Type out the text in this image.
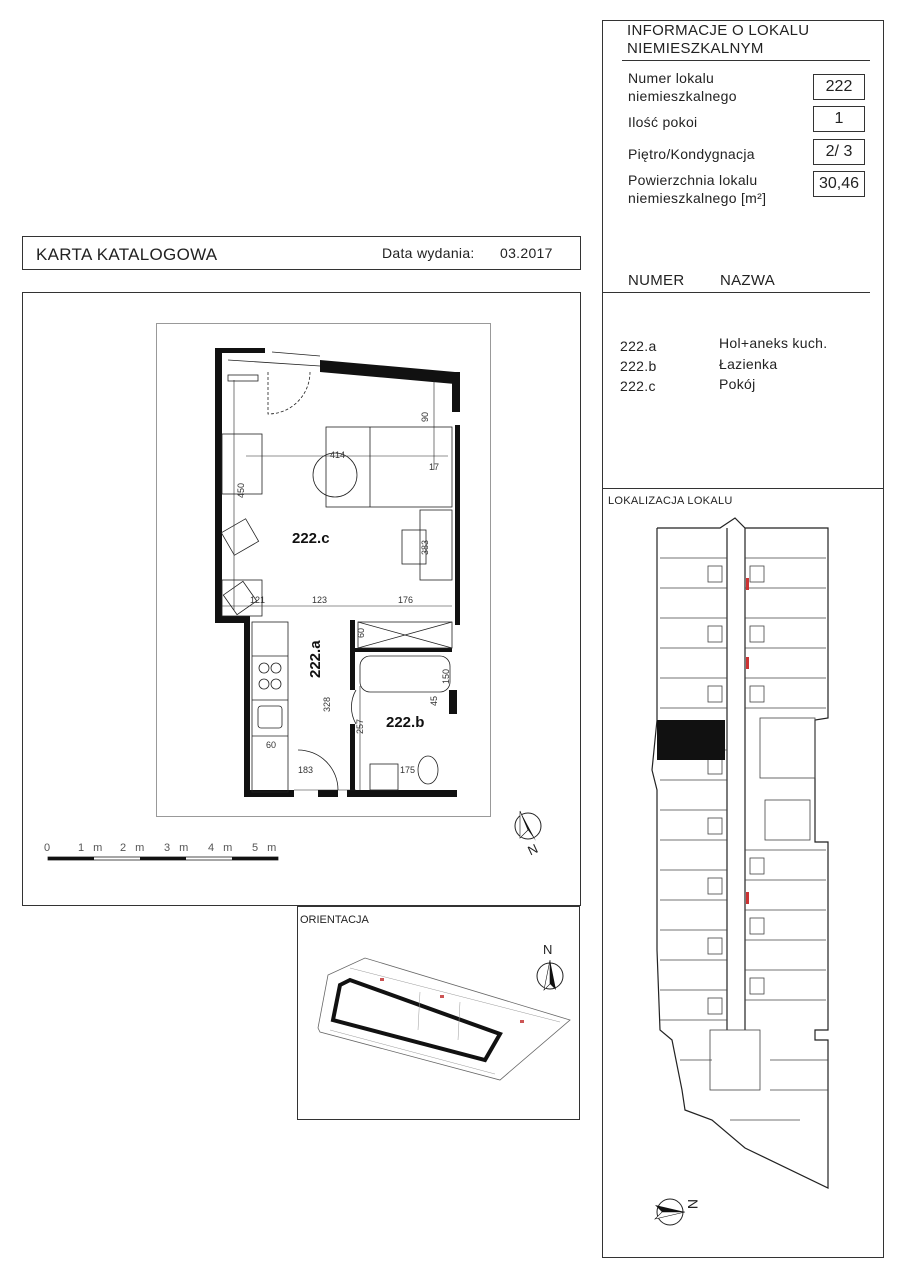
INFORMACJE O LOKALU
NIEMIESZKALNYM
Numer lokalu
niemieszkalnego
222
Ilość pokoi	1
Piętro/Kondygnacja	2/ 3
Powierzchnia lokalu
niemieszkalnego [m²]
30,46
NUMER NAZWA
222.a	Hol+aneks kuch.
222.b	Łazienka
222.c	Pokój
LOKALIZACJA LOKALU
N
KARTA KATALOGOWA	Data wydania: 03.2017
414
450
90
17
383
121	123	176
60
328
257
45
150
60
183	175
222.c
222.a
222.b
N
0	1 m 2 m 3 m 4 m 5 m
ORIENTACJA
N
